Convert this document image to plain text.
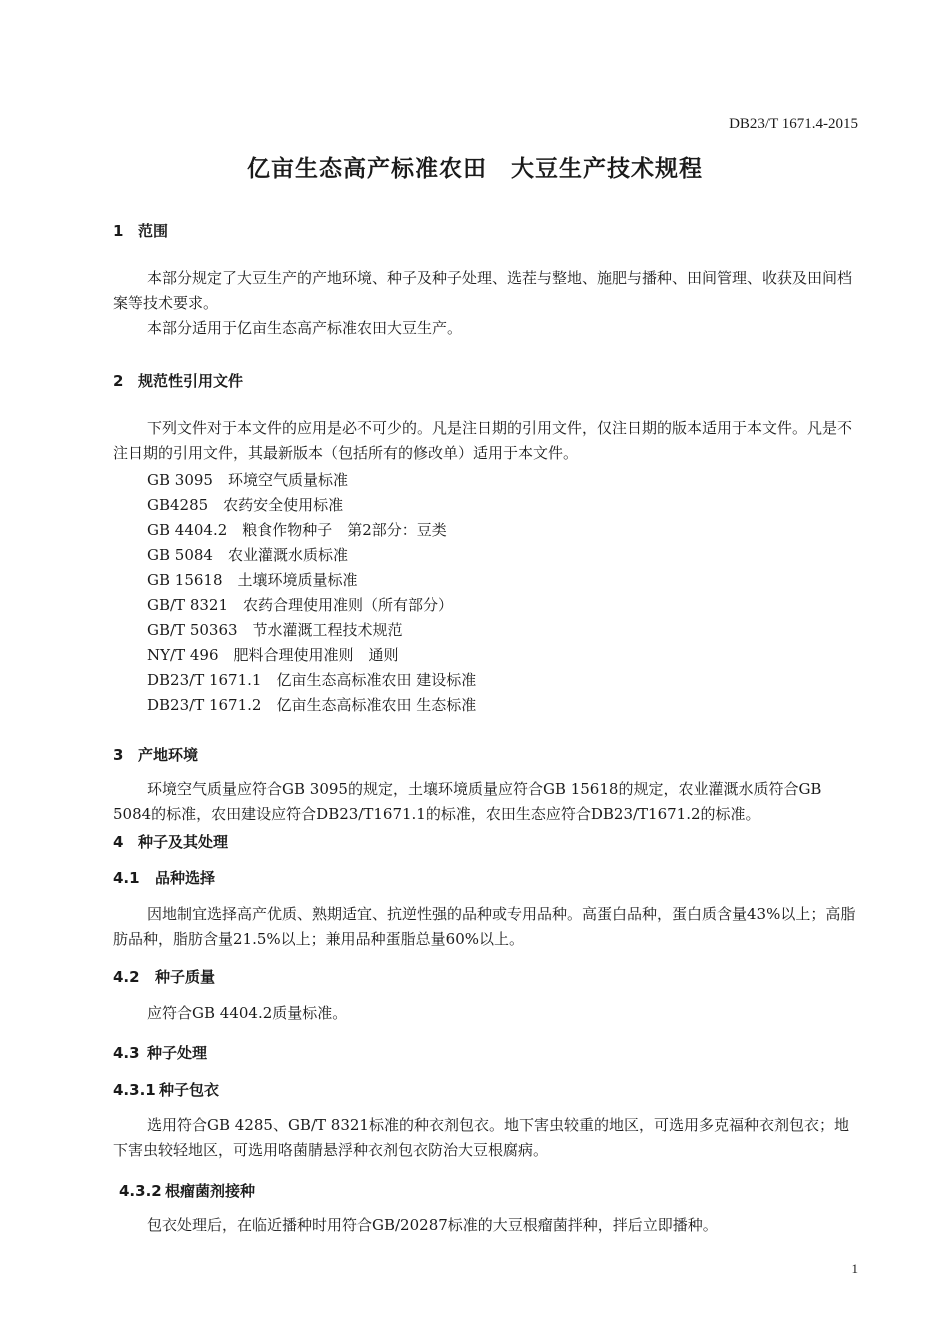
DB23/T 1671.4-2015
亿亩生态高产标准农田　大豆生产技术规程
1 范围
本部分规定了大豆生产的产地环境、种子及种子处理、选茬与整地、施肥与播种、田间管理、收获及田间档案等技术要求。
本部分适用于亿亩生态高产标准农田大豆生产。
2 规范性引用文件
下列文件对于本文件的应用是必不可少的。凡是注日期的引用文件，仅注日期的版本适用于本文件。凡是不注日期的引用文件，其最新版本（包括所有的修改单）适用于本文件。
GB 3095　环境空气质量标准
GB4285　农药安全使用标准
GB 4404.2　粮食作物种子　第2部分：豆类
GB 5084　农业灌溉水质标准
GB 15618　土壤环境质量标准
GB/T 8321　农药合理使用准则（所有部分）
GB/T 50363　节水灌溉工程技术规范
NY/T 496　肥料合理使用准则　通则
DB23/T 1671.1　亿亩生态高标准农田 建设标准
DB23/T 1671.2　亿亩生态高标准农田 生态标准
3 产地环境
环境空气质量应符合GB 3095的规定，土壤环境质量应符合GB 15618的规定，农业灌溉水质符合GB 5084的标准，农田建设应符合DB23/T1671.1的标准，农田生态应符合DB23/T1671.2的标准。
4 种子及其处理
4.1 品种选择
因地制宜选择高产优质、熟期适宜、抗逆性强的品种或专用品种。高蛋白品种，蛋白质含量43%以上；高脂肪品种，脂肪含量21.5%以上；兼用品种蛋脂总量60%以上。
4.2 种子质量
应符合GB 4404.2质量标准。
4.3 种子处理
4.3.1 种子包衣
选用符合GB 4285、GB/T 8321标准的种衣剂包衣。地下害虫较重的地区，可选用多克福种衣剂包衣；地下害虫较轻地区，可选用咯菌腈悬浮种衣剂包衣防治大豆根腐病。
4.3.2 根瘤菌剂接种
包衣处理后，在临近播种时用符合GB/20287标准的大豆根瘤菌拌种，拌后立即播种。
1
